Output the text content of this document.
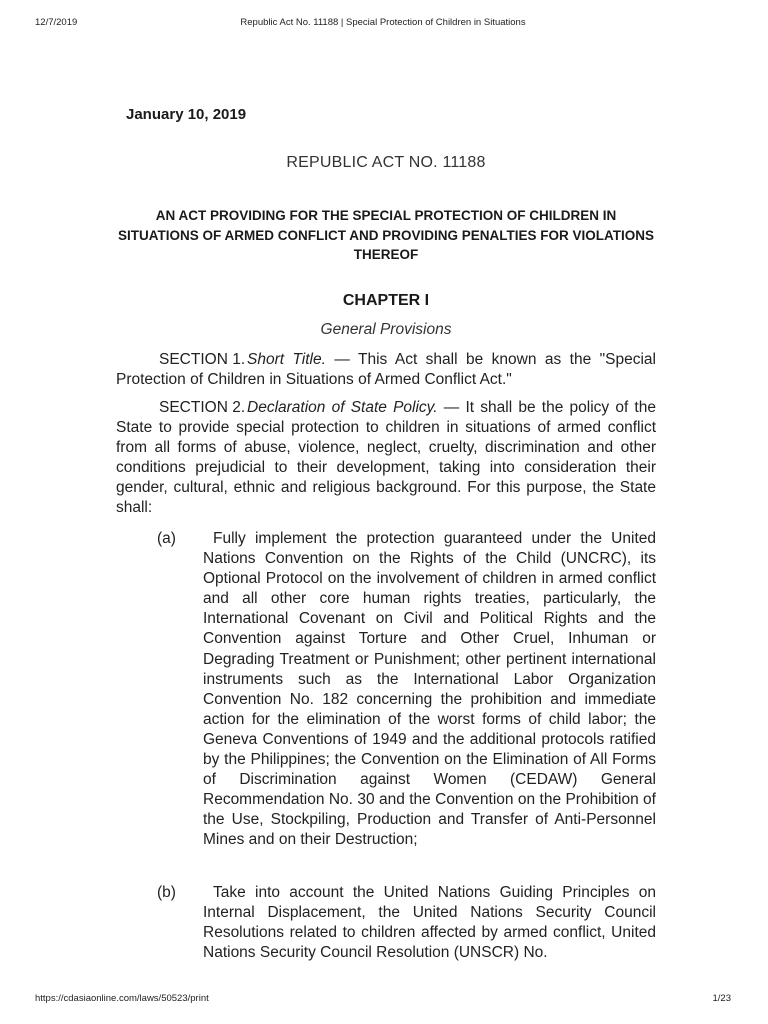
12/7/2019	Republic Act No. 11188 | Special Protection of Children in Situations
January 10, 2019
REPUBLIC ACT NO. 11188
AN ACT PROVIDING FOR THE SPECIAL PROTECTION OF CHILDREN IN SITUATIONS OF ARMED CONFLICT AND PROVIDING PENALTIES FOR VIOLATIONS THEREOF
CHAPTER I
General Provisions

SECTION 1. Short Title. — This Act shall be known as the "Special Protection of Children in Situations of Armed Conflict Act."

SECTION 2. Declaration of State Policy. — It shall be the policy of the State to provide special protection to children in situations of armed conflict from all forms of abuse, violence, neglect, cruelty, discrimination and other conditions prejudicial to their development, taking into consideration their gender, cultural, ethnic and religious background. For this purpose, the State shall:

(a)	Fully implement the protection guaranteed under the United Nations Convention on the Rights of the Child (UNCRC), its Optional Protocol on the involvement of children in armed conflict and all other core human rights treaties, particularly, the International Covenant on Civil and Political Rights and the Convention against Torture and Other Cruel, Inhuman or Degrading Treatment or Punishment; other pertinent international instruments such as the International Labor Organization Convention No. 182 concerning the prohibition and immediate action for the elimination of the worst forms of child labor; the Geneva Conventions of 1949 and the additional protocols ratified by the Philippines; the Convention on the Elimination of All Forms of Discrimination against Women (CEDAW) General Recommendation No. 30 and the Convention on the Prohibition of the Use, Stockpiling, Production and Transfer of Anti-Personnel Mines and on their Destruction;
(b)	Take into account the United Nations Guiding Principles on Internal Displacement, the United Nations Security Council Resolutions related to children affected by armed conflict, United Nations Security Council Resolution (UNSCR) No.
https://cdasiaonline.com/laws/50523/print	1/23
